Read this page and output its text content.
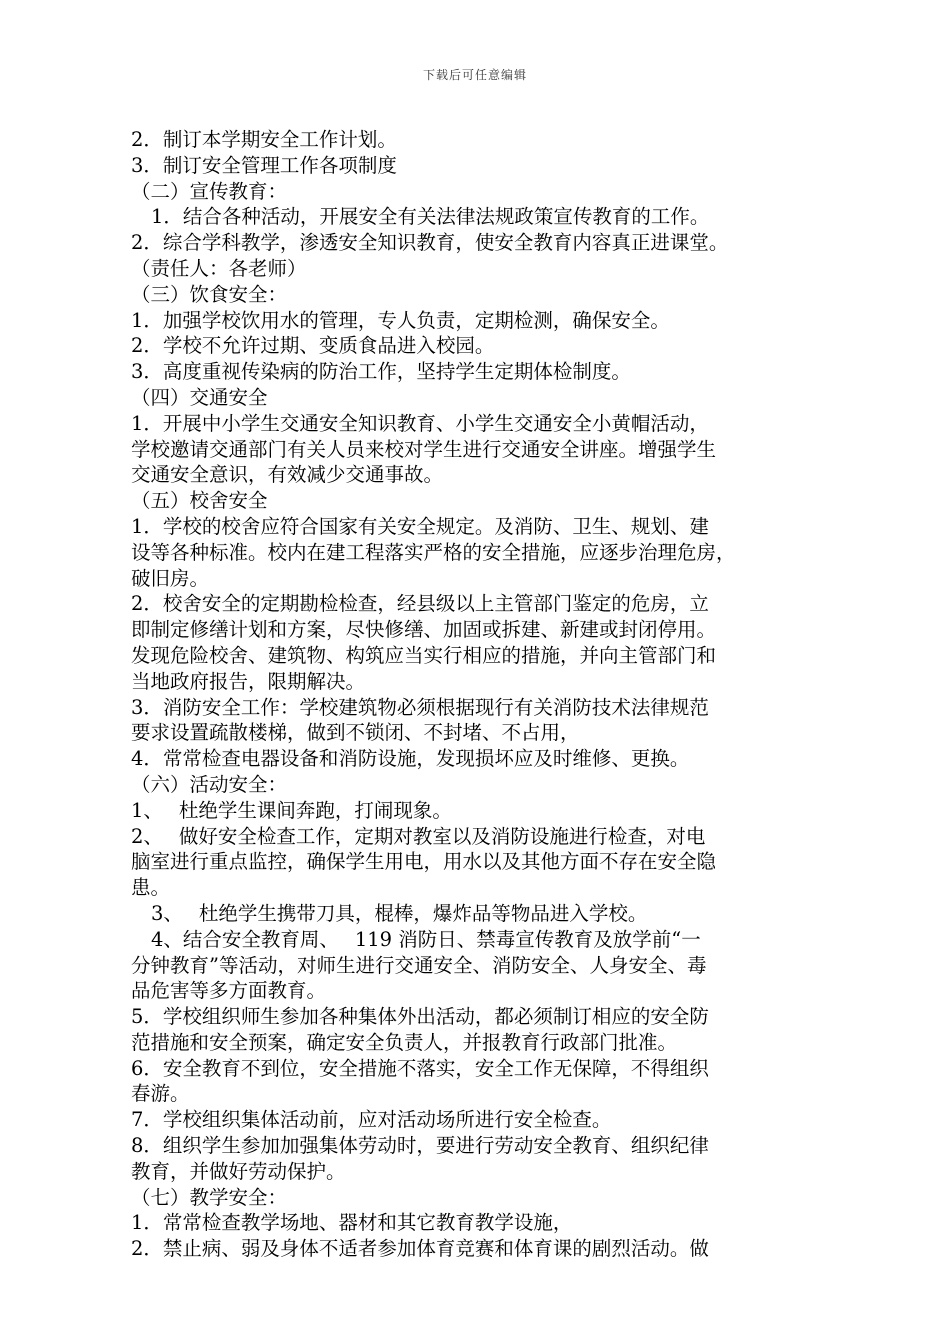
下载后可任意编辑
2．制订本学期安全工作计划。
3．制订安全管理工作各项制度
（二）宣传教育：
1．结合各种活动，开展安全有关法律法规政策宣传教育的工作。
2．综合学科教学，渗透安全知识教育，使安全教育内容真正进课堂。
（责任人：各老师）
（三）饮食安全：
1．加强学校饮用水的管理，专人负责，定期检测，确保安全。
2．学校不允许过期、变质食品进入校园。
3．高度重视传染病的防治工作，坚持学生定期体检制度。
（四）交通安全
1．开展中小学生交通安全知识教育、小学生交通安全小黄帽活动，
学校邀请交通部门有关人员来校对学生进行交通安全讲座。增强学生
交通安全意识，有效减少交通事故。
（五）校舍安全
1．学校的校舍应符合国家有关安全规定。及消防、卫生、规划、建
设等各种标准。校内在建工程落实严格的安全措施，应逐步治理危房，
破旧房。
2．校舍安全的定期勘检检查，经县级以上主管部门鉴定的危房，立
即制定修缮计划和方案，尽快修缮、加固或拆建、新建或封闭停用。
发现危险校舍、建筑物、构筑应当实行相应的措施，并向主管部门和
当地政府报告，限期解决。
3．消防安全工作：学校建筑物必须根据现行有关消防技术法律规范
要求设置疏散楼梯，做到不锁闭、不封堵、不占用，
4．常常检查电器设备和消防设施，发现损坏应及时维修、更换。
（六）活动安全：
1、　 杜绝学生课间奔跑，打闹现象。
2、　 做好安全检查工作，定期对教室以及消防设施进行检查，对电
脑室进行重点监控，确保学生用电，用水以及其他方面不存在安全隐
患。
3、　 杜绝学生携带刀具，棍棒，爆炸品等物品进入学校。
4、结合安全教育周、　 119 消防日、禁毒宣传教育及放学前“一
分钟教育”等活动，对师生进行交通安全、消防安全、人身安全、毒
品危害等多方面教育。
5．学校组织师生参加各种集体外出活动，都必须制订相应的安全防
范措施和安全预案，确定安全负责人，并报教育行政部门批准。
6．安全教育不到位，安全措施不落实，安全工作无保障，不得组织
春游。
7．学校组织集体活动前，应对活动场所进行安全检查。
8．组织学生参加加强集体劳动时，要进行劳动安全教育、组织纪律
教育，并做好劳动保护。
（七）教学安全：
1．常常检查教学场地、器材和其它教育教学设施，
2．禁止病、弱及身体不适者参加体育竞赛和体育课的剧烈活动。做
